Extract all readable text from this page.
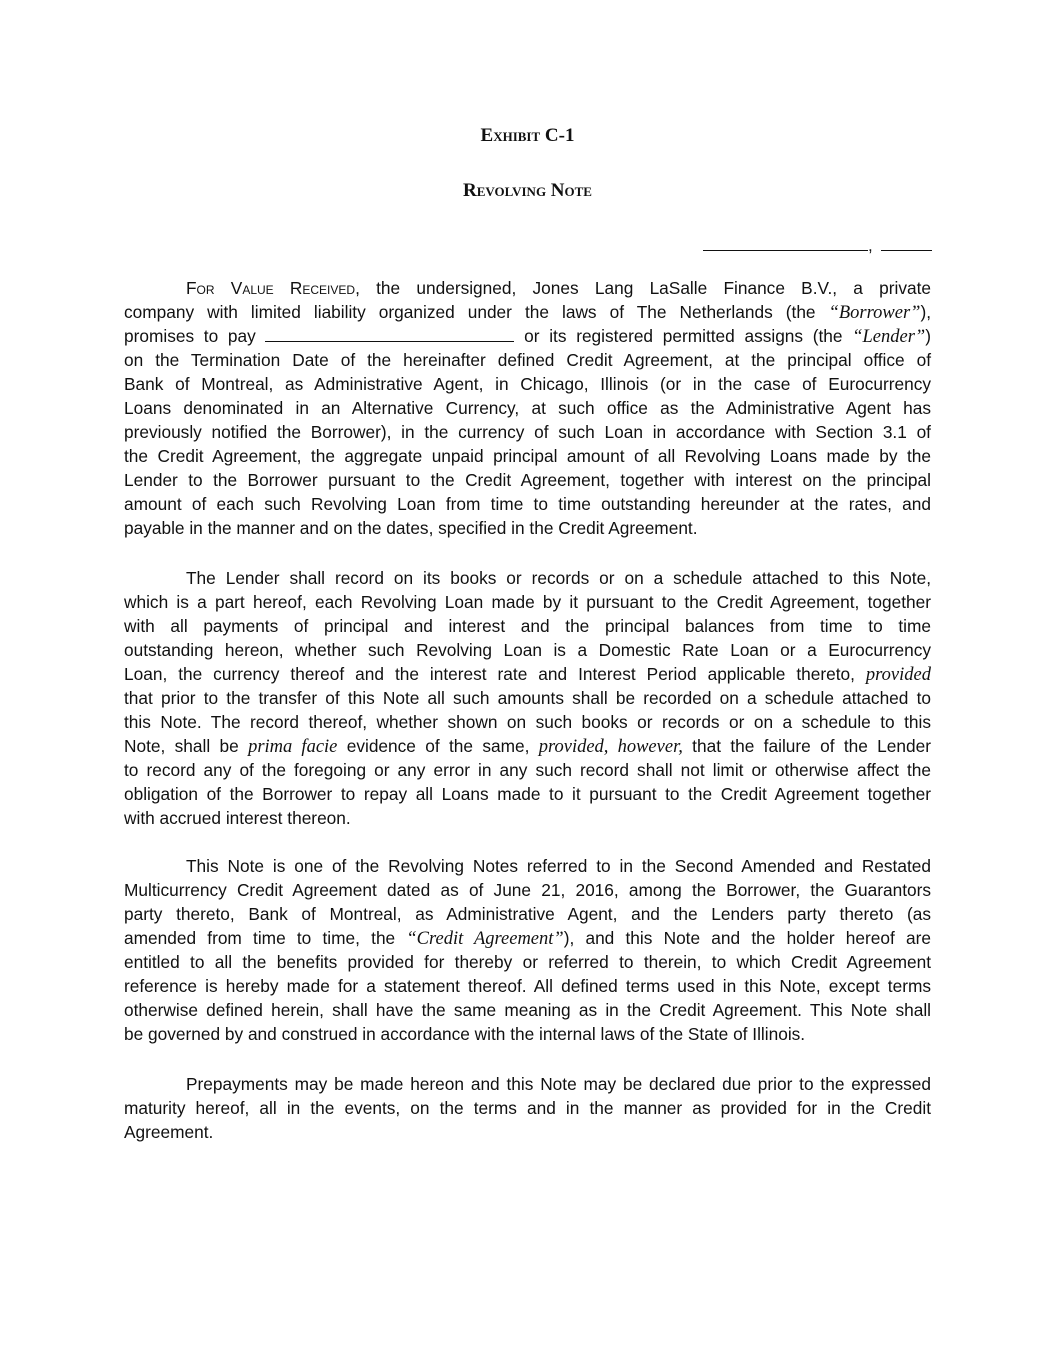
Exhibit C-1
Revolving Note
,
For Value Received, the undersigned, Jones Lang LaSalle Finance B.V., a private
company with limited liability organized under the laws of The Netherlands (the “Borrower”),
promises to pay	or its registered permitted assigns (the “Lender”)
on the Termination Date of the hereinafter defined Credit Agreement, at the principal office of
Bank of Montreal, as Administrative Agent, in Chicago, Illinois (or in the case of Eurocurrency
Loans denominated in an Alternative Currency, at such office as the Administrative Agent has
previously notified the Borrower), in the currency of such Loan in accordance with Section 3.1 of
the Credit Agreement, the aggregate unpaid principal amount of all Revolving Loans made by the
Lender to the Borrower pursuant to the Credit Agreement, together with interest on the principal
amount of each such Revolving Loan from time to time outstanding hereunder at the rates, and
payable in the manner and on the dates, specified in the Credit Agreement.
The Lender shall record on its books or records or on a schedule attached to this Note,
which is a part hereof, each Revolving Loan made by it pursuant to the Credit Agreement, together
with all payments of principal and interest and the principal balances from time to time
outstanding hereon, whether such Revolving Loan is a Domestic Rate Loan or a Eurocurrency
Loan, the currency thereof and the interest rate and Interest Period applicable thereto, provided
that prior to the transfer of this Note all such amounts shall be recorded on a schedule attached to
this Note. The record thereof, whether shown on such books or records or on a schedule to this
Note, shall be prima facie evidence of the same, provided, however, that the failure of the Lender
to record any of the foregoing or any error in any such record shall not limit or otherwise affect the
obligation of the Borrower to repay all Loans made to it pursuant to the Credit Agreement together
with accrued interest thereon.
This Note is one of the Revolving Notes referred to in the Second Amended and Restated
Multicurrency Credit Agreement dated as of June 21, 2016, among the Borrower, the Guarantors
party thereto, Bank of Montreal, as Administrative Agent, and the Lenders party thereto (as
amended from time to time, the “Credit Agreement”), and this Note and the holder hereof are
entitled to all the benefits provided for thereby or referred to therein, to which Credit Agreement
reference is hereby made for a statement thereof. All defined terms used in this Note, except terms
otherwise defined herein, shall have the same meaning as in the Credit Agreement. This Note shall
be governed by and construed in accordance with the internal laws of the State of Illinois.
Prepayments may be made hereon and this Note may be declared due prior to the expressed
maturity hereof, all in the events, on the terms and in the manner as provided for in the Credit
Agreement.
